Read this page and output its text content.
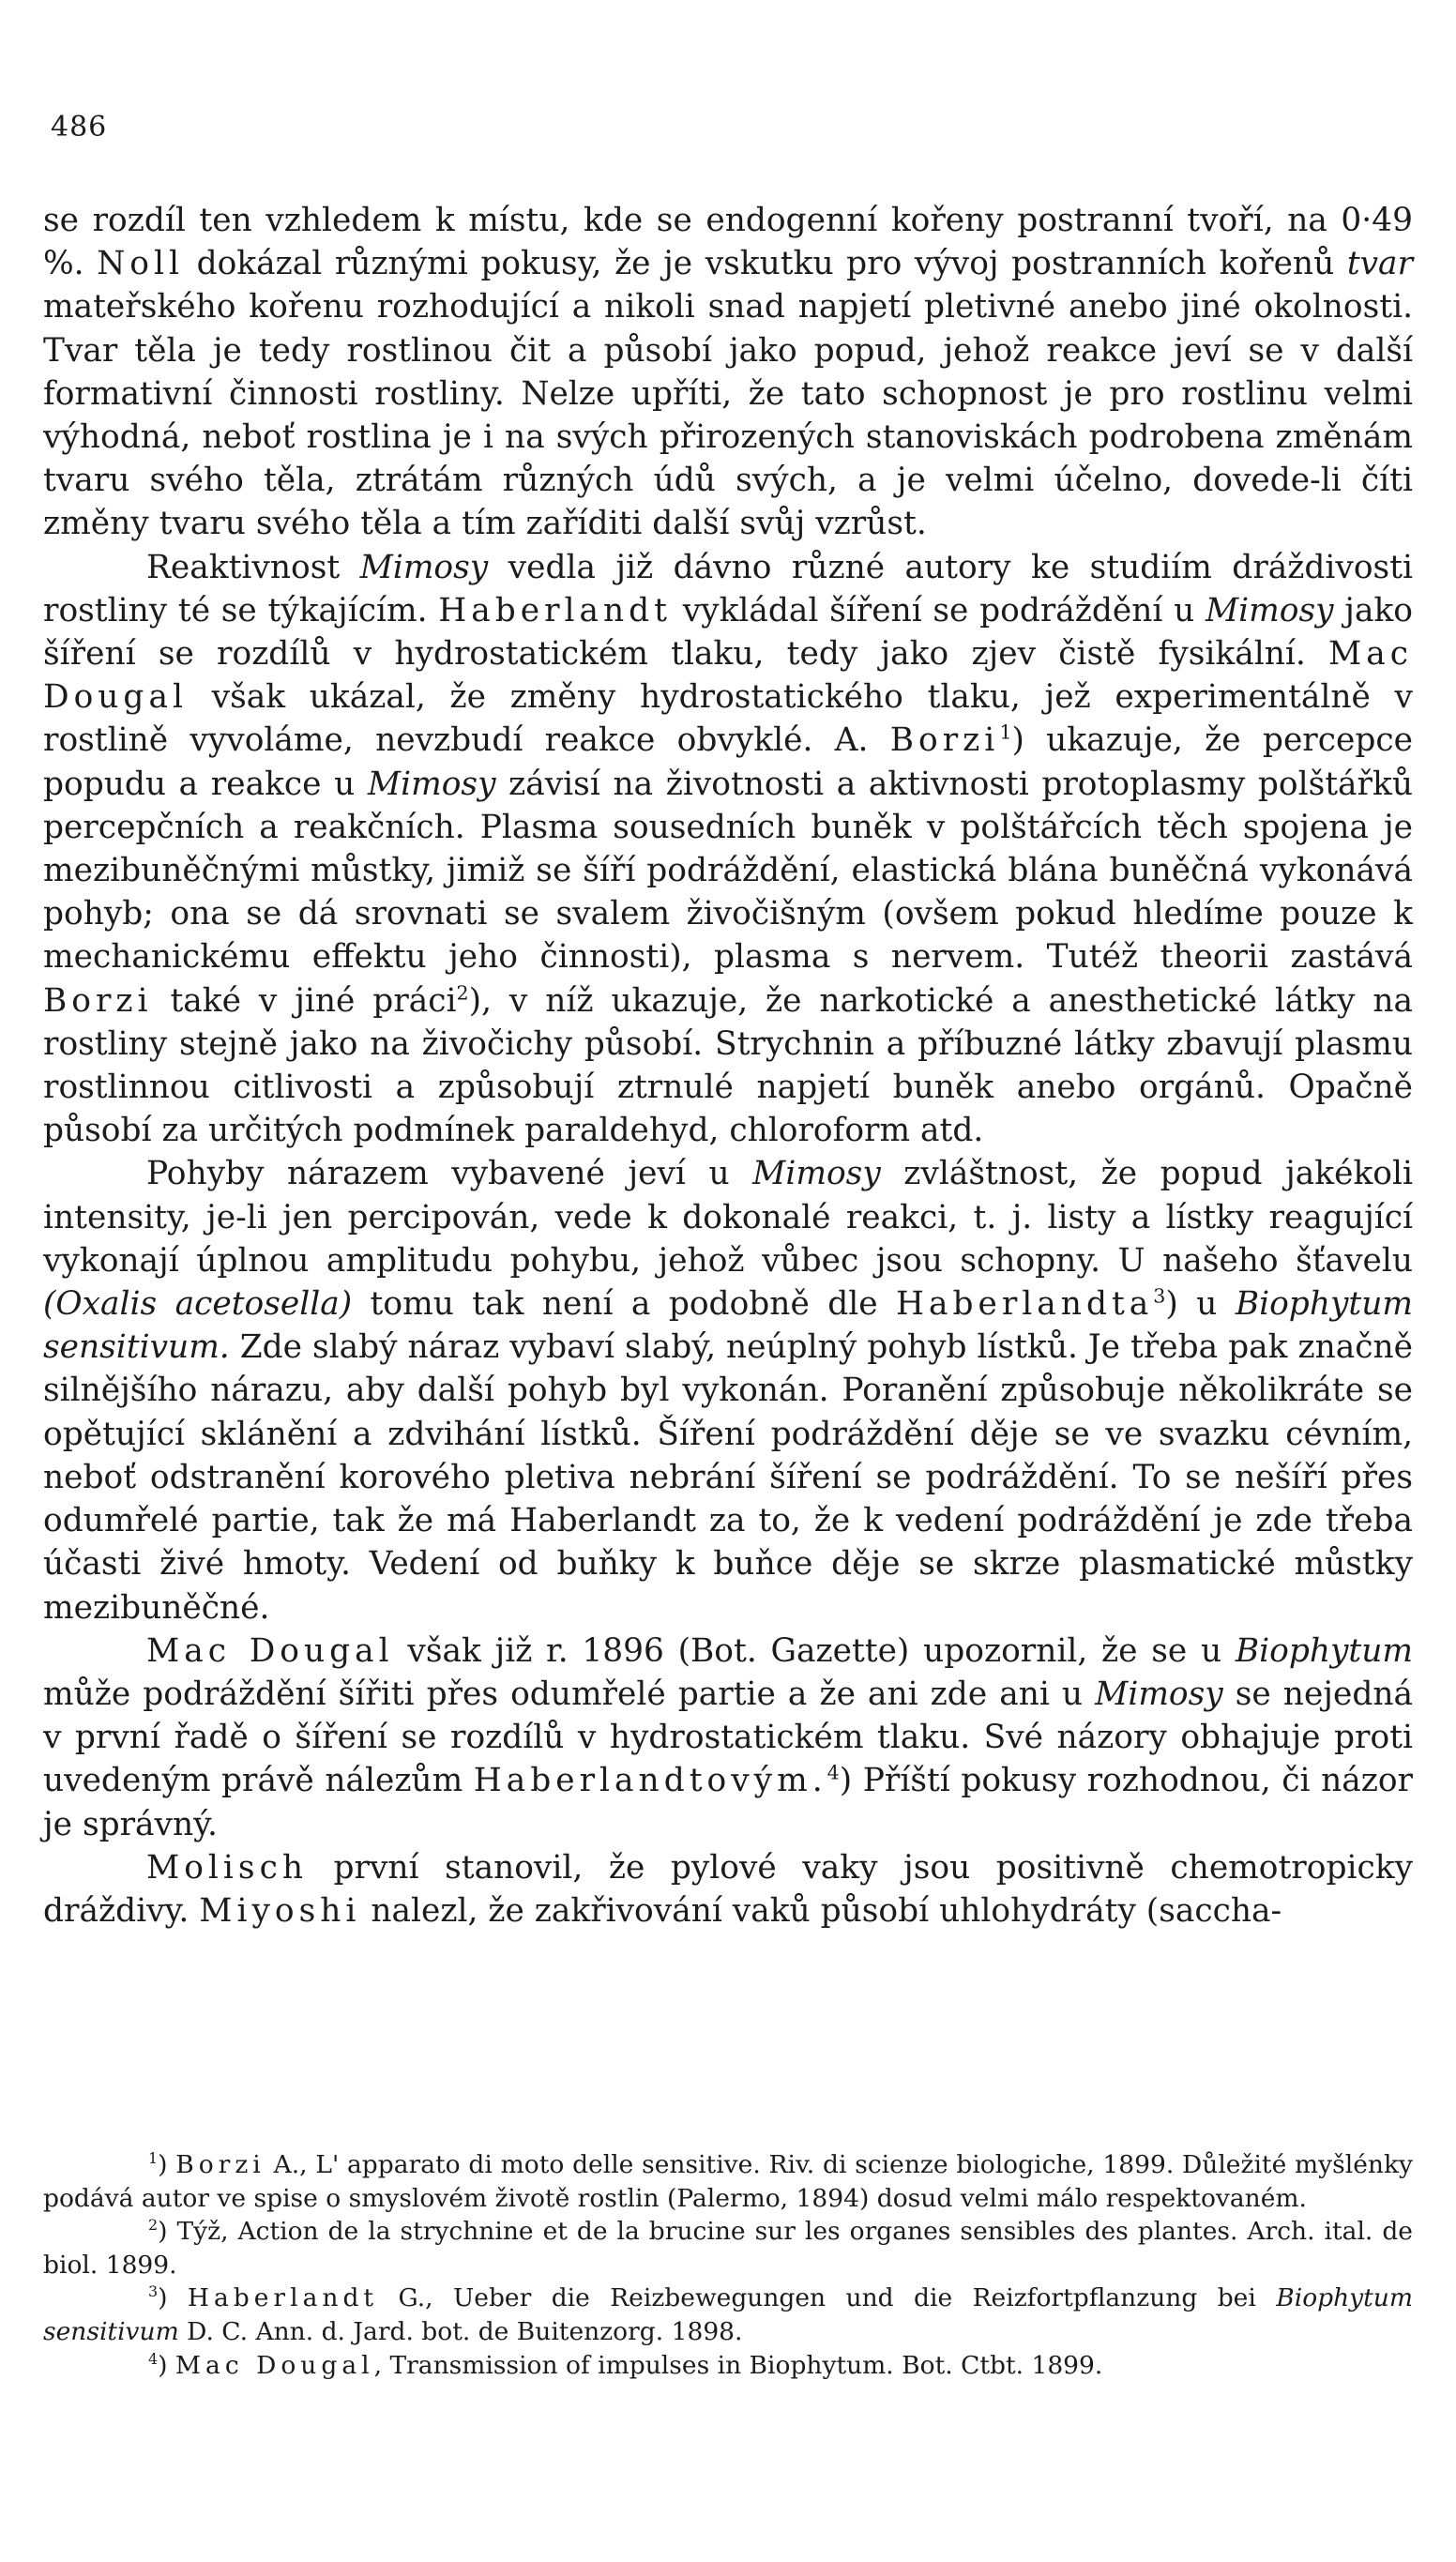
486

se rozdíl ten vzhledem k místu, kde se endogenní kořeny postranní tvoří, na 0·49 %. Noll dokázal různými pokusy, že je vskutku pro vývoj postranních kořenů tvar mateřského kořenu rozhodující a nikoli snad napjetí pletivné anebo jiné okolnosti. Tvar těla je tedy rostlinou čit a působí jako popud, jehož reakce jeví se v další formativní činnosti rostliny. Nelze upříti, že tato schopnost je pro rostlinu velmi výhodná, neboť rostlina je i na svých přirozených stanoviskách podrobena změnám tvaru svého těla, ztrátám různých údů svých, a je velmi účelno, dovede-li číti změny tvaru svého těla a tím zaříditi další svůj vzrůst.

Reaktivnost Mimosy vedla již dávno různé autory ke studiím dráždivosti rostliny té se týkajícím. Haberlandt vykládal šíření se podráždění u Mimosy jako šíření se rozdílů v hydrostatickém tlaku, tedy jako zjev čistě fysikální. Mac Dougal však ukázal, že změny hydrostatického tlaku, jež experimentálně v rostlině vyvoláme, nevzbudí reakce obvyklé. A. Borzi$^1$) ukazuje, že percepce popudu a reakce u Mimosy závisí na životnosti a aktivnosti protoplasmy polštářků percepčních a reakčních. Plasma sousedních buněk v polštářcích těch spojena je mezibuněčnými můstky, jimiž se šíří podráždění, elastická blána buněčná vykonává pohyb; ona se dá srovnati se svalem živočišným (ovšem pokud hledíme pouze k mechanickému effektu jeho činnosti), plasma s nervem. Tutéž theorii zastává Borzi také v jiné práci$^2$), v níž ukazuje, že narkotické a anesthetické látky na rostliny stejně jako na živočichy působí. Strychnin a příbuzné látky zbavují plasmu rostlinnou citlivosti a způsobují ztrnulé napjetí buněk anebo orgánů. Opačně působí za určitých podmínek paraldehyd, chloroform atd.

Pohyby nárazem vybavené jeví u Mimosy zvláštnost, že popud jakékoli intensity, je-li jen percipován, vede k dokonalé reakci, t. j. listy a lístky reagující vykonají úplnou amplitudu pohybu, jehož vůbec jsou schopny. U našeho šťavelu (Oxalis acetosella) tomu tak není a podobně dle Haberlandta$^3$) u Biophytum sensitivum. Zde slabý náraz vybaví slabý, neúplný pohyb lístků. Je třeba pak značně silnějšího nárazu, aby další pohyb byl vykonán. Poranění způsobuje několikráte se opětující sklánění a zdvihání lístků. Šíření podráždění děje se ve svazku cévním, neboť odstranění korového pletiva nebrání šíření se podráždění. To se nešíří přes odumřelé partie, tak že má Haberlandt za to, že k vedení podráždění je zde třeba účasti živé hmoty. Vedení od buňky k buňce děje se skrze plasmatické můstky mezibuněčné.

Mac Dougal však již r. 1896 (Bot. Gazette) upozornil, že se u Biophytum může podráždění šířiti přes odumřelé partie a že ani zde ani u Mimosy se nejedná v první řadě o šíření se rozdílů v hydrostatickém tlaku. Své názory obhajuje proti uvedeným právě nálezům Haberlandtovým.$^4$) Příští pokusy rozhodnou, či názor je správný.

Molisch první stanovil, že pylové vaky jsou positivně chemotropicky dráždivy. Miyoshi nalezl, že zakřivování vaků působí uhlohydráty (saccha-

$^1$) Borzi A., L' apparato di moto delle sensitive. Riv. di scienze biologiche, 1899. Důležité myšlénky podává autor ve spise o smyslovém životě rostlin (Palermo, 1894) dosud velmi málo respektovaném.

$^2$) Týž, Action de la strychnine et de la brucine sur les organes sensibles des plantes. Arch. ital. de biol. 1899.

$^3$) Haberlandt G., Ueber die Reizbewegungen und die Reizfortpflanzung bei Biophytum sensitivum D. C. Ann. d. Jard. bot. de Buitenzorg. 1898.

$^4$) Mac Dougal, Transmission of impulses in Biophytum. Bot. Ctbt. 1899.
